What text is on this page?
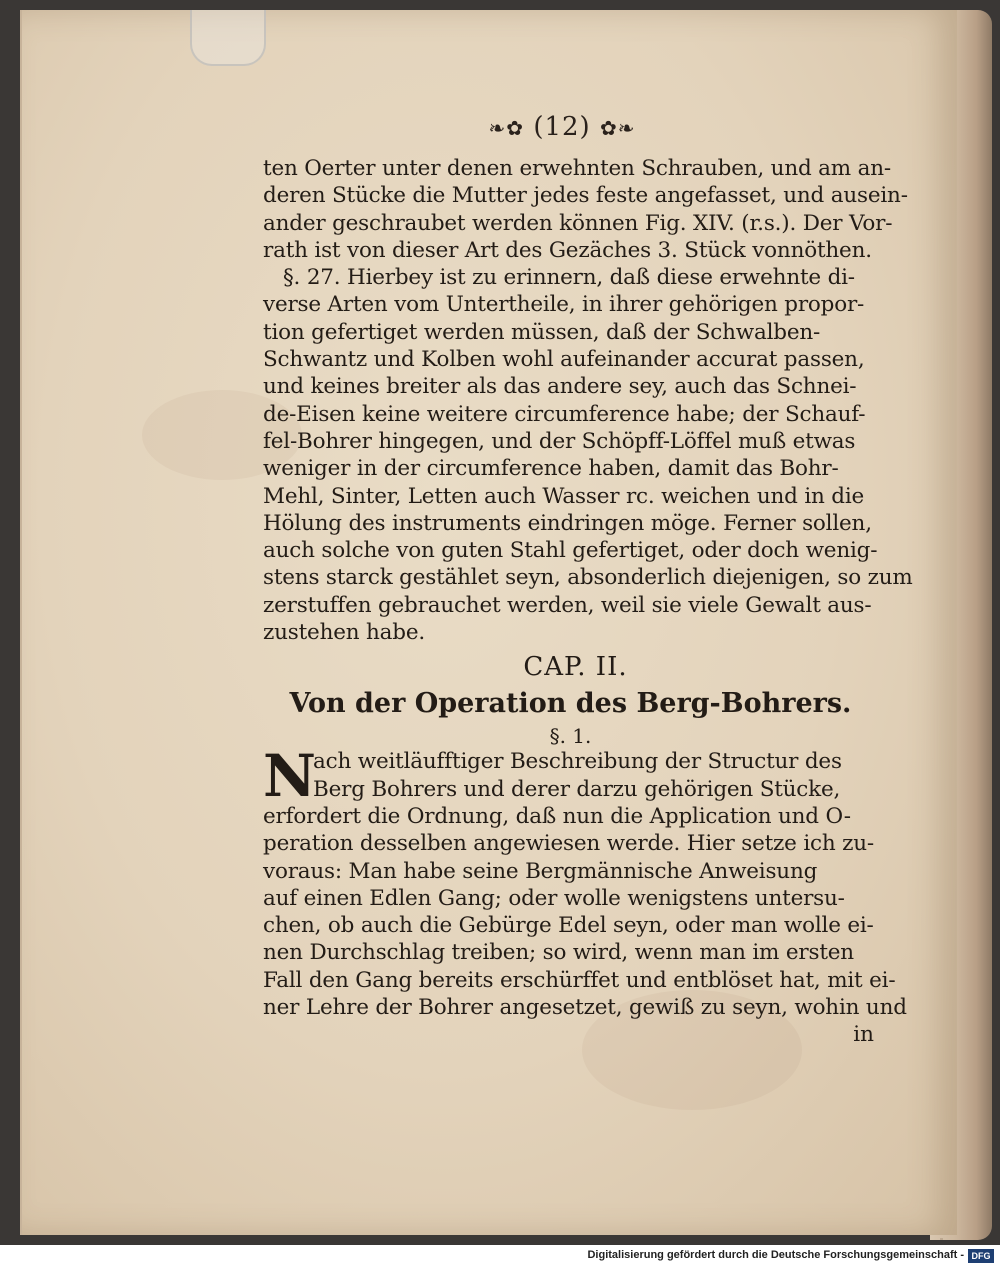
❧✿ (12) ✿❧
ten Oerter unter denen erwehnten Schrauben, und am an-
deren Stücke die Mutter jedes feste angefasset, und ausein-
ander geschraubet werden können Fig. XIV. (r.s.). Der Vor-
rath ist von dieser Art des Gezäches 3. Stück vonnöthen.
§. 27. Hierbey ist zu erinnern, daß diese erwehnte di-
verse Arten vom Untertheile, in ihrer gehörigen propor-
tion gefertiget werden müssen, daß der Schwalben-
Schwantz und Kolben wohl aufeinander accurat passen,
und keines breiter als das andere sey, auch das Schnei-
de-Eisen keine weitere circumference habe; der Schauf-
fel-Bohrer hingegen, und der Schöpff-Löffel muß etwas
weniger in der circumference haben, damit das Bohr-
Mehl, Sinter, Letten auch Wasser rc. weichen und in die
Hölung des instruments eindringen möge. Ferner sollen,
auch solche von guten Stahl gefertiget, oder doch wenig-
stens starck gestählet seyn, absonderlich diejenigen, so zum
zerstuffen gebrauchet werden, weil sie viele Gewalt aus-
zustehen habe.
CAP. II.
Von der Operation des Berg-Bohrers.
§. 1.
N
ach weitläufftiger Beschreibung der Structur des
Berg Bohrers und derer darzu gehörigen Stücke,
erfordert die Ordnung, daß nun die Application und O-
peration desselben angewiesen werde. Hier setze ich zu-
voraus: Man habe seine Bergmännische Anweisung
auf einen Edlen Gang; oder wolle wenigstens untersu-
chen, ob auch die Gebürge Edel seyn, oder man wolle ei-
nen Durchschlag treiben; so wird, wenn man im ersten
Fall den Gang bereits erschürffet und entblöset hat, mit ei-
ner Lehre der Bohrer angesetzet, gewiß zu seyn, wohin und
in
Digitalisierung gefördert durch die Deutsche Forschungsgemeinschaft - DFG
